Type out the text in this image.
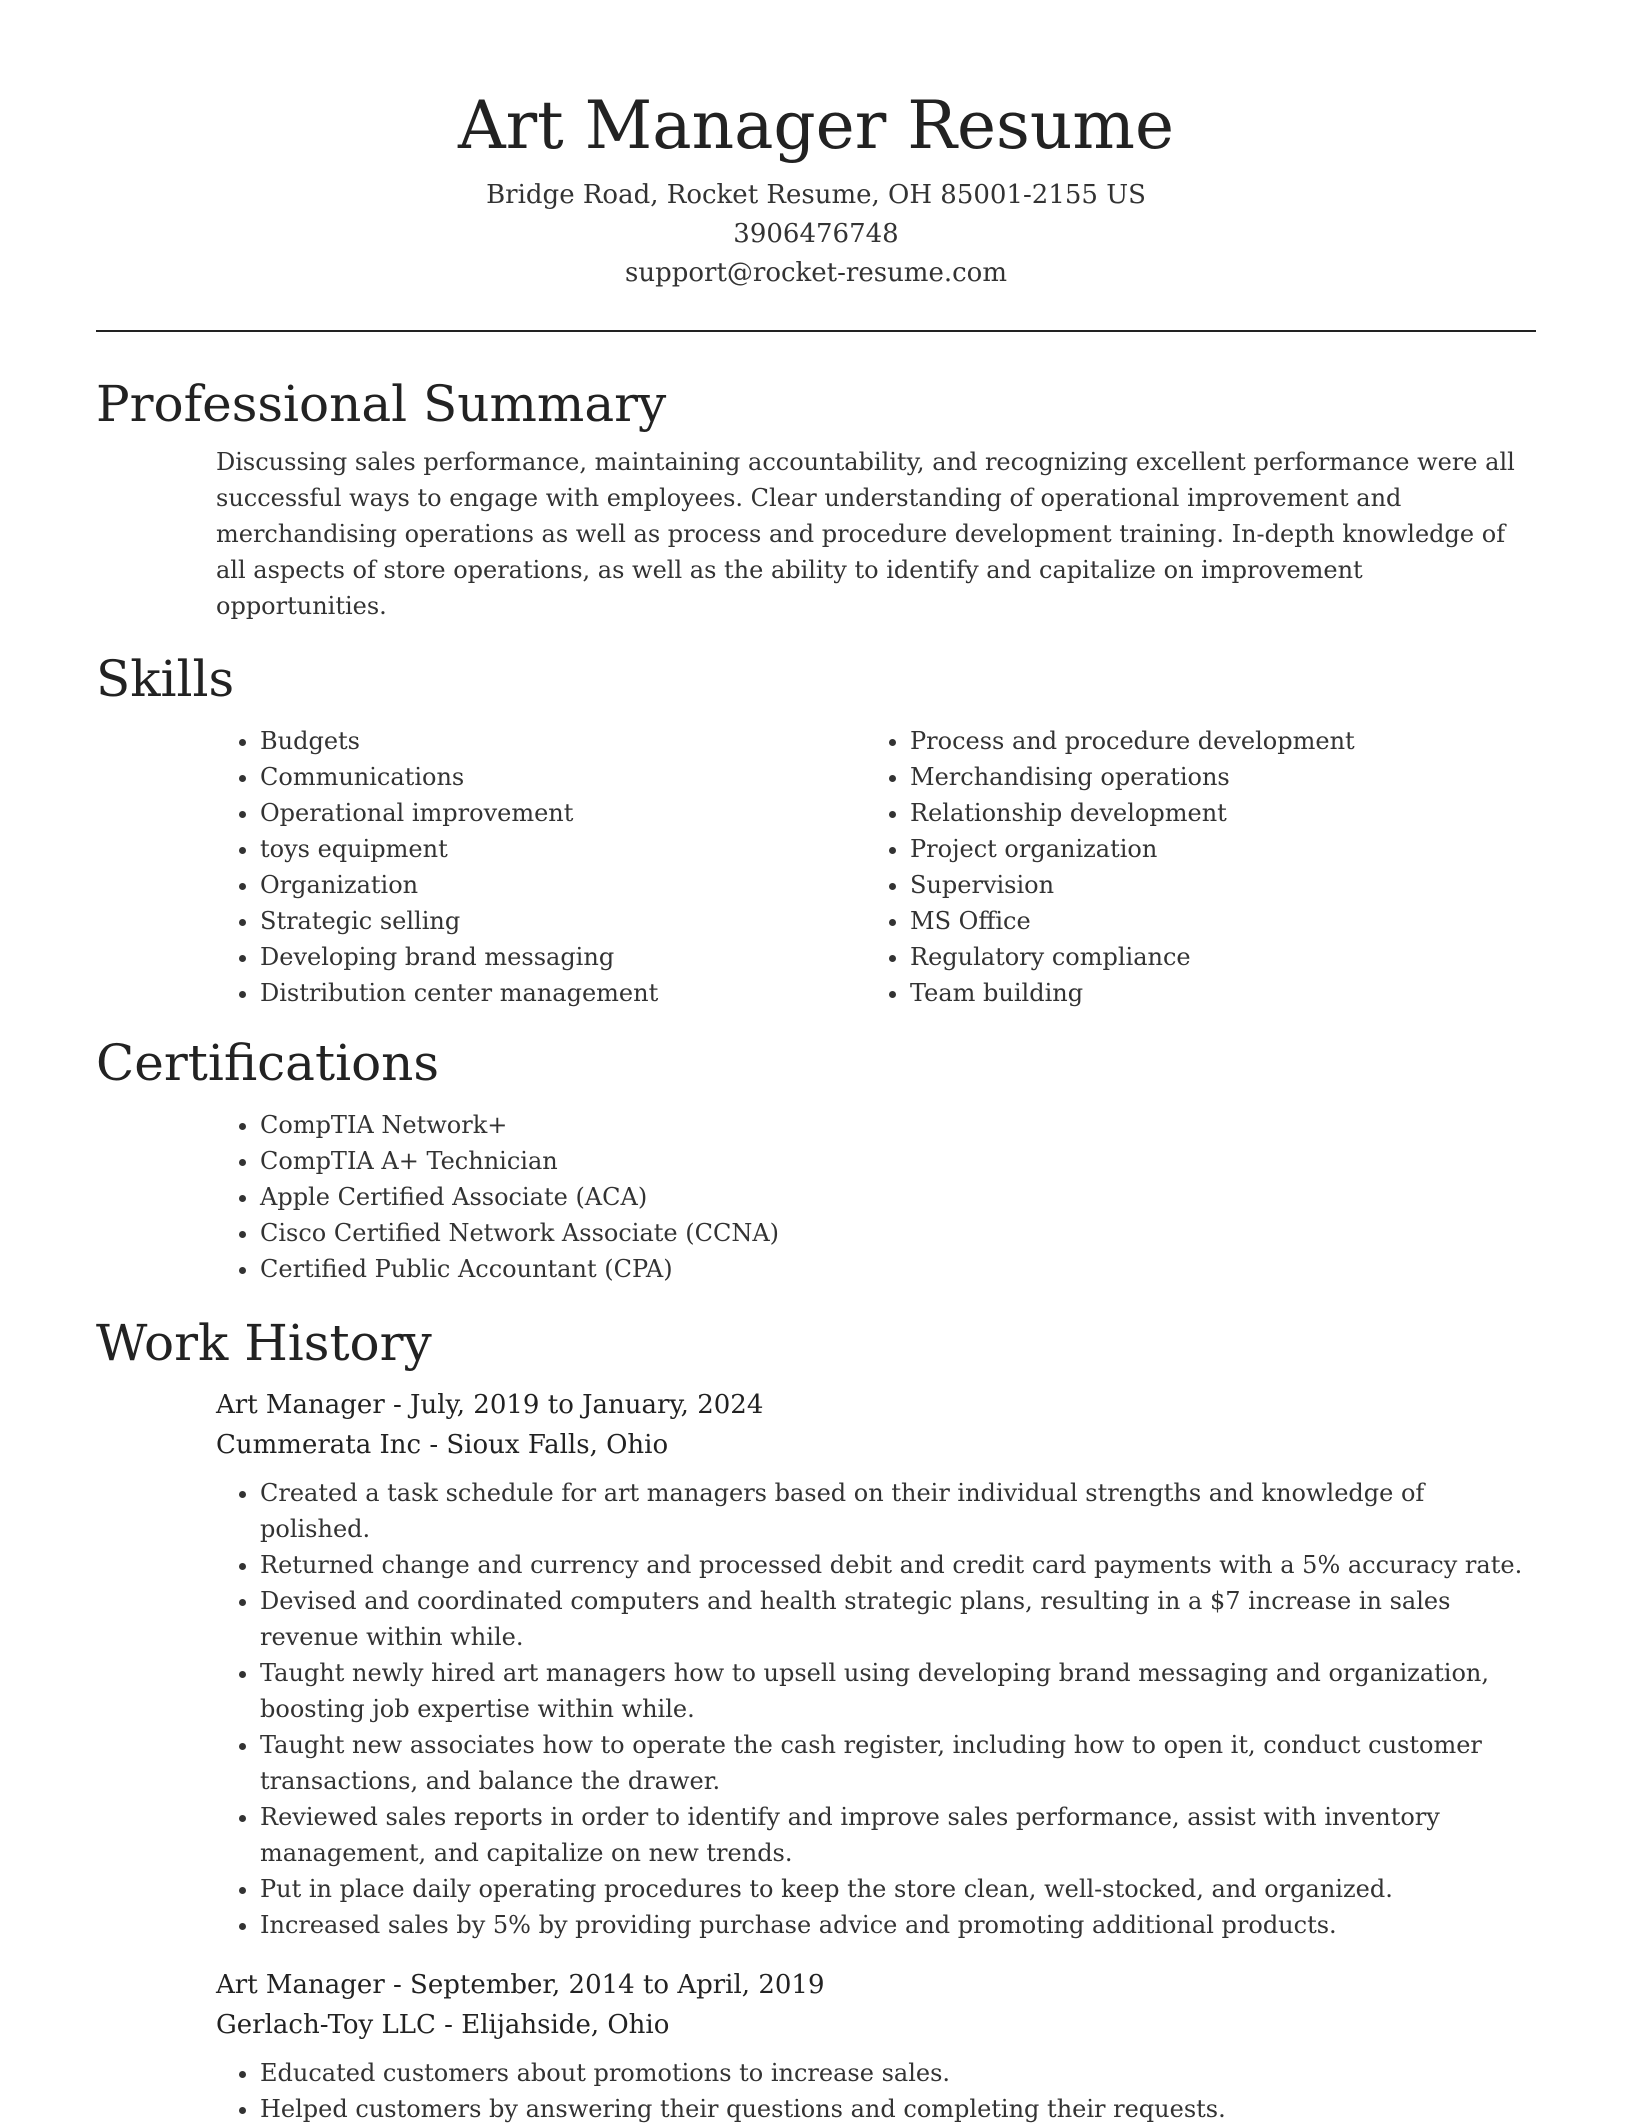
Art Manager Resume
Bridge Road, Rocket Resume, OH 85001-2155 US
3906476748
support@rocket-resume.com
Professional Summary

Discussing sales performance, maintaining accountability, and recognizing excellent performance were all successful ways to engage with employees. Clear understanding of operational improvement and merchandising operations as well as process and procedure development training. In-depth knowledge of all aspects of store operations, as well as the ability to identify and capitalize on improvement opportunities.

Skills
• Budgets
• Communications
• Operational improvement
• toys equipment
• Organization
• Strategic selling
• Developing brand messaging
• Distribution center management
• Process and procedure development
• Merchandising operations
• Relationship development
• Project organization
• Supervision
• MS Office
• Regulatory compliance
• Team building
Certifications
• CompTIA Network+
• CompTIA A+ Technician
• Apple Certified Associate (ACA)
• Cisco Certified Network Associate (CCNA)
• Certified Public Accountant (CPA)
Work History
Art Manager - July, 2019 to January, 2024
Cummerata Inc - Sioux Falls, Ohio
• Created a task schedule for art managers based on their individual strengths and knowledge of polished.
• Returned change and currency and processed debit and credit card payments with a 5% accuracy rate.
• Devised and coordinated computers and health strategic plans, resulting in a $7 increase in sales revenue within while.
• Taught newly hired art managers how to upsell using developing brand messaging and organization, boosting job expertise within while.
• Taught new associates how to operate the cash register, including how to open it, conduct customer transactions, and balance the drawer.
• Reviewed sales reports in order to identify and improve sales performance, assist with inventory management, and capitalize on new trends.
• Put in place daily operating procedures to keep the store clean, well-stocked, and organized.
• Increased sales by 5% by providing purchase advice and promoting additional products.
Art Manager - September, 2014 to April, 2019
Gerlach-Toy LLC - Elijahside, Ohio
• Educated customers about promotions to increase sales.
• Helped customers by answering their questions and completing their requests.
